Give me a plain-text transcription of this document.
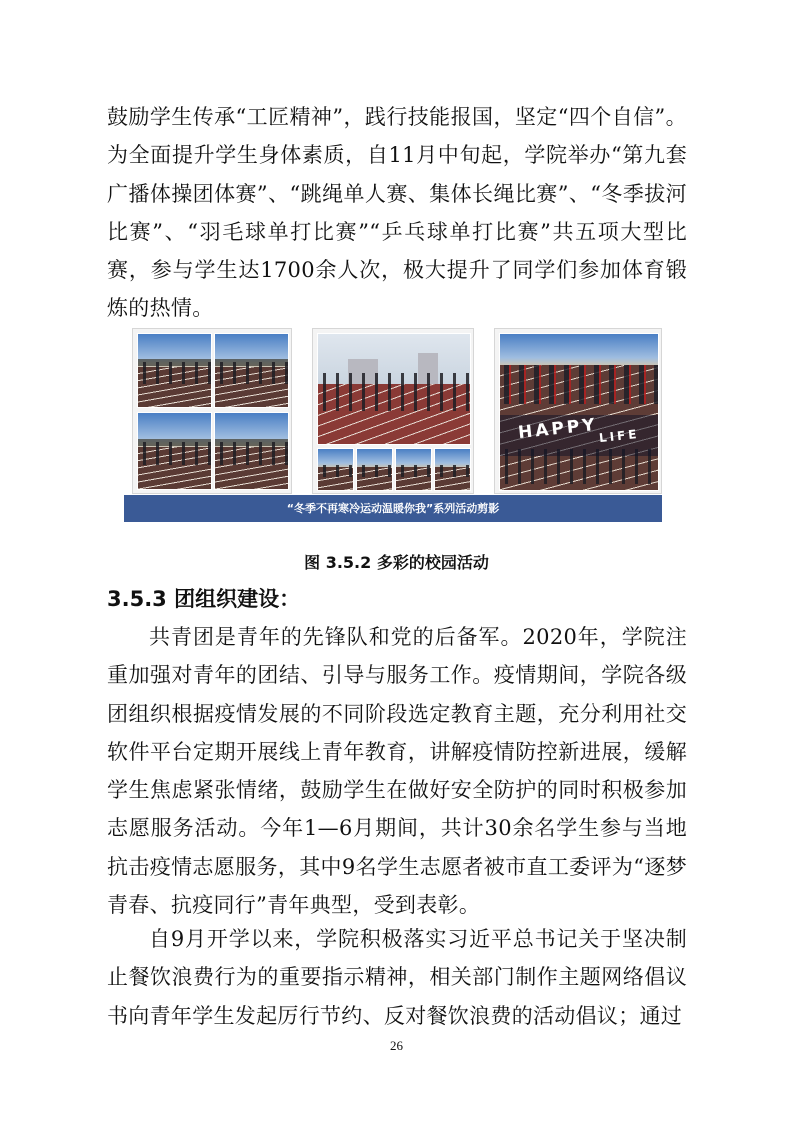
鼓励学生传承“工匠精神”，践行技能报国，坚定“四个自信”。为全面提升学生身体素质，自11月中旬起，学院举办“第九套广播体操团体赛”、“跳绳单人赛、集体长绳比赛”、“冬季拔河比赛”、“羽毛球单打比赛”“乒乓球单打比赛”共五项大型比赛，参与学生达1700余人次，极大提升了同学们参加体育锻炼的热情。

HAPPY LIFE
“冬季不再寒冷运动温暖你我”系列活动剪影
图 3.5.2 多彩的校园活动
3.5.3 团组织建设：

共青团是青年的先锋队和党的后备军。2020年，学院注重加强对青年的团结、引导与服务工作。疫情期间，学院各级团组织根据疫情发展的不同阶段选定教育主题，充分利用社交软件平台定期开展线上青年教育，讲解疫情防控新进展，缓解学生焦虑紧张情绪，鼓励学生在做好安全防护的同时积极参加志愿服务活动。今年1—6月期间，共计30余名学生参与当地抗击疫情志愿服务，其中9名学生志愿者被市直工委评为“逐梦青春、抗疫同行”青年典型，受到表彰。

自9月开学以来，学院积极落实习近平总书记关于坚决制止餐饮浪费行为的重要指示精神，相关部门制作主题网络倡议书向青年学生发起厉行节约、反对餐饮浪费的活动倡议；通过

26
